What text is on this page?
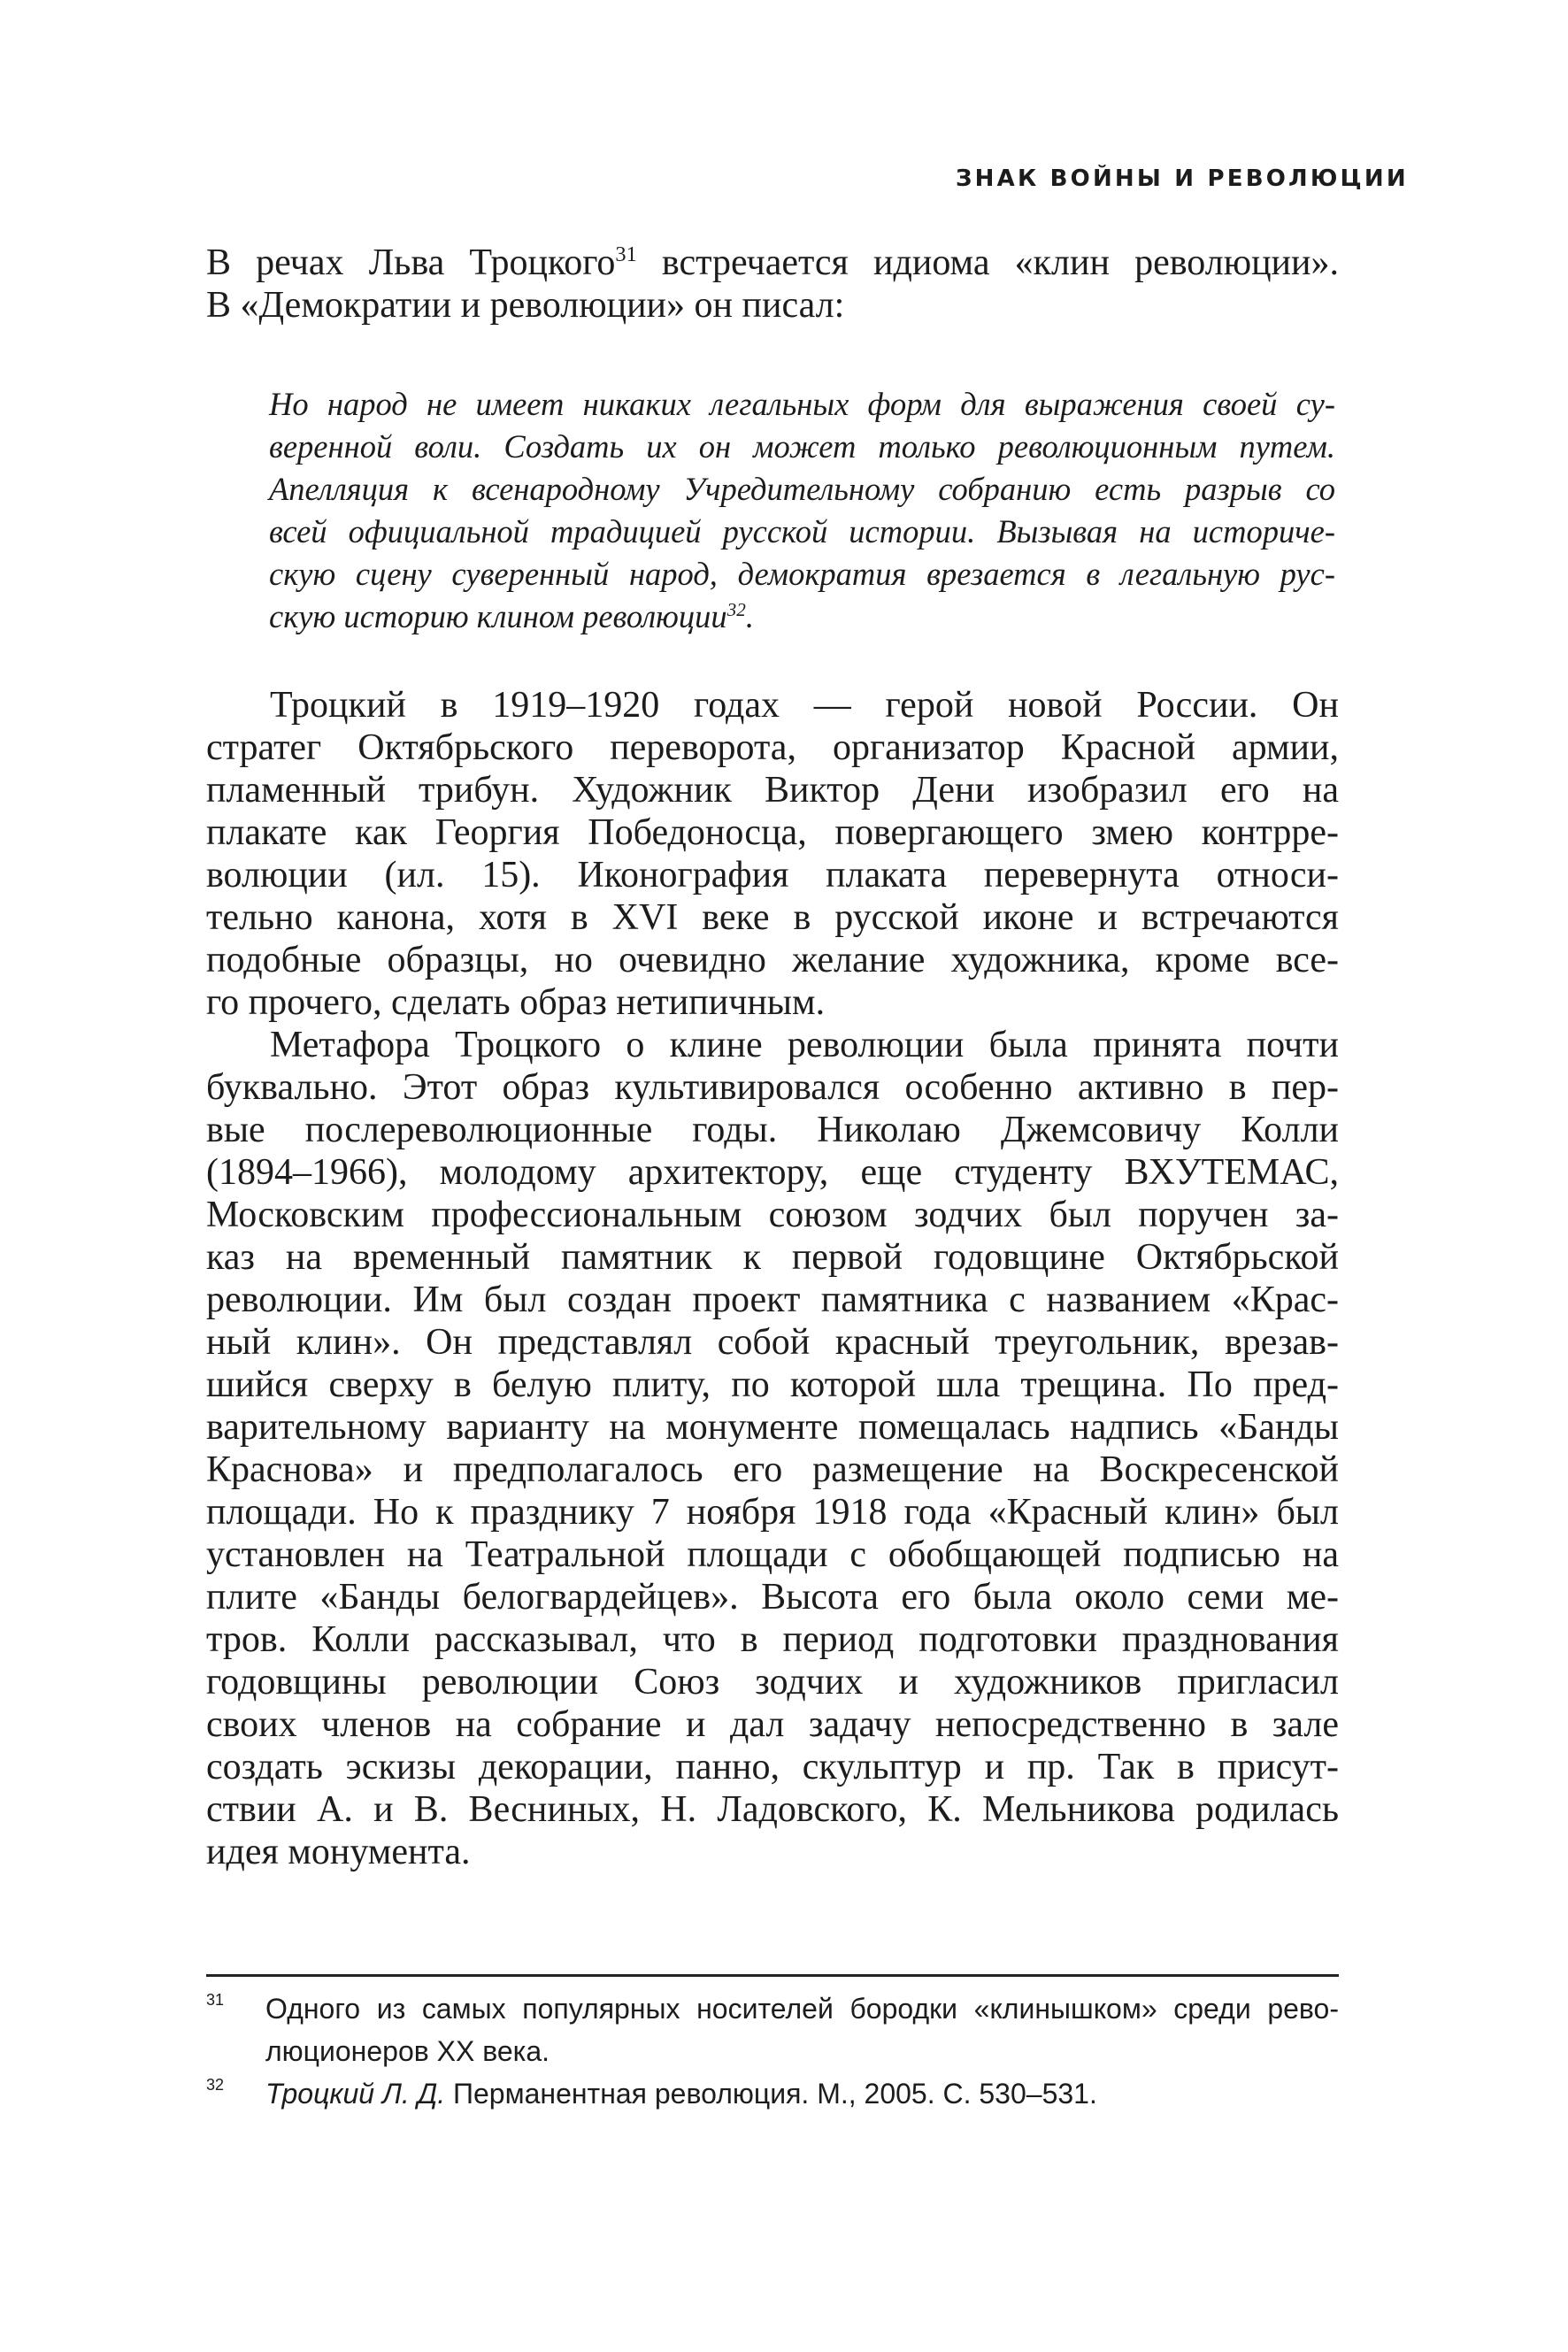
ЗНАК ВОЙНЫ И РЕВОЛЮЦИИ
В речах Льва Троцкого$^{31}$ встречается идиома «клин революции».
В «Демократии и революции» он писал:
Но народ не имеет никаких легальных форм для выражения своей су-
веренной воли. Создать их он может только революционным путем.
Апелляция к всенародному Учредительному собранию есть разрыв со
всей официальной традицией русской истории. Вызывая на историче-
скую сцену суверенный народ, демократия врезается в легальную рус-
скую историю клином революции$^{32}$.
Троцкий в 1919–1920 годах — герой новой России. Он
стратег Октябрьского переворота, организатор Красной армии,
пламенный трибун. Художник Виктор Дени изобразил его на
плакате как Георгия Победоносца, повергающего змею контрре-
волюции (ил. 15). Иконография плаката перевернута относи-
тельно канона, хотя в XVI веке в русской иконе и встречаются
подобные образцы, но очевидно желание художника, кроме все-
го прочего, сделать образ нетипичным.
Метафора Троцкого о клине революции была принята почти
буквально. Этот образ культивировался особенно активно в пер-
вые послереволюционные годы. Николаю Джемсовичу Колли
(1894–1966), молодому архитектору, еще студенту ВХУТЕМАС,
Московским профессиональным союзом зодчих был поручен за-
каз на временный памятник к первой годовщине Октябрьской
революции. Им был создан проект памятника с названием «Крас-
ный клин». Он представлял собой красный треугольник, врезав-
шийся сверху в белую плиту, по которой шла трещина. По пред-
варительному варианту на монументе помещалась надпись «Банды
Краснова» и предполагалось его размещение на Воскресенской
площади. Но к празднику 7 ноября 1918 года «Красный клин» был
установлен на Театральной площади с обобщающей подписью на
плите «Банды белогвардейцев». Высота его была около семи ме-
тров. Колли рассказывал, что в период подготовки празднования
годовщины революции Союз зодчих и художников пригласил
своих членов на собрание и дал задачу непосредственно в зале
создать эскизы декорации, панно, скульптур и пр. Так в присут-
ствии А. и В. Весниных, Н. Ладовского, К. Мельникова родилась
идея монумента.
31 Одного из самых популярных носителей бородки «клинышком» среди рево-
люционеров XX века.
32 Троцкий Л. Д. Перманентная революция. М., 2005. С. 530–531.
